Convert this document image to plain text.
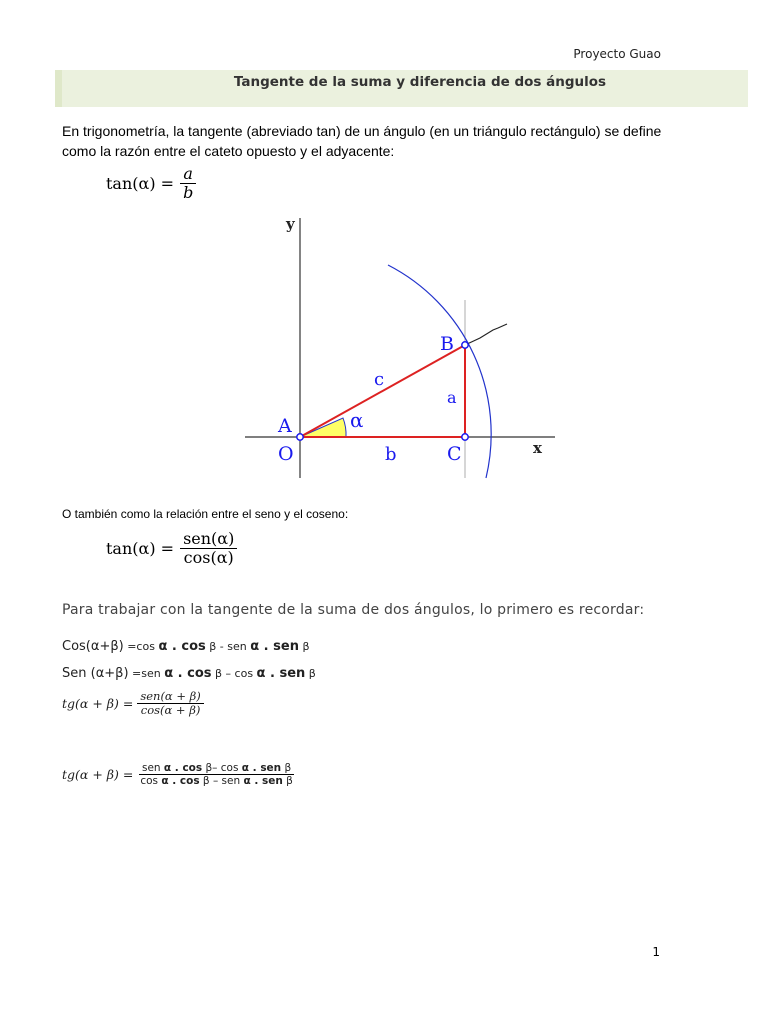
Proyecto Guao
Tangente de la suma y diferencia de dos ángulos
En trigonometría, la tangente (abreviado tan) de un ángulo (en un triángulo rectángulo) se define
como la razón entre el cateto opuesto y el adyacente:
$\tan(\alpha) = \frac{a}{b}$
y
x
A
O
B
C
c
a
b
α
O también como la relación entre el seno y el coseno:
$\tan(\alpha) = \frac{\text{sen(α)}}{\cos(\alpha)}$
Para trabajar con la tangente de la suma de dos ángulos, lo primero es recordar:
Cos(α+β) =cos α . cos β - sen α . sen β
Sen (α+β) =sen α . cos β – cos α . sen β
$tg(\alpha + \beta) = \frac{\text{sen(α + β)}}{\cos(\alpha + \beta)}$
$tg(\alpha + \beta) = \frac{\text{sen α . cos β– cos α . sen β}}{\text{cos α . cos β – sen α . sen β}}$
1
